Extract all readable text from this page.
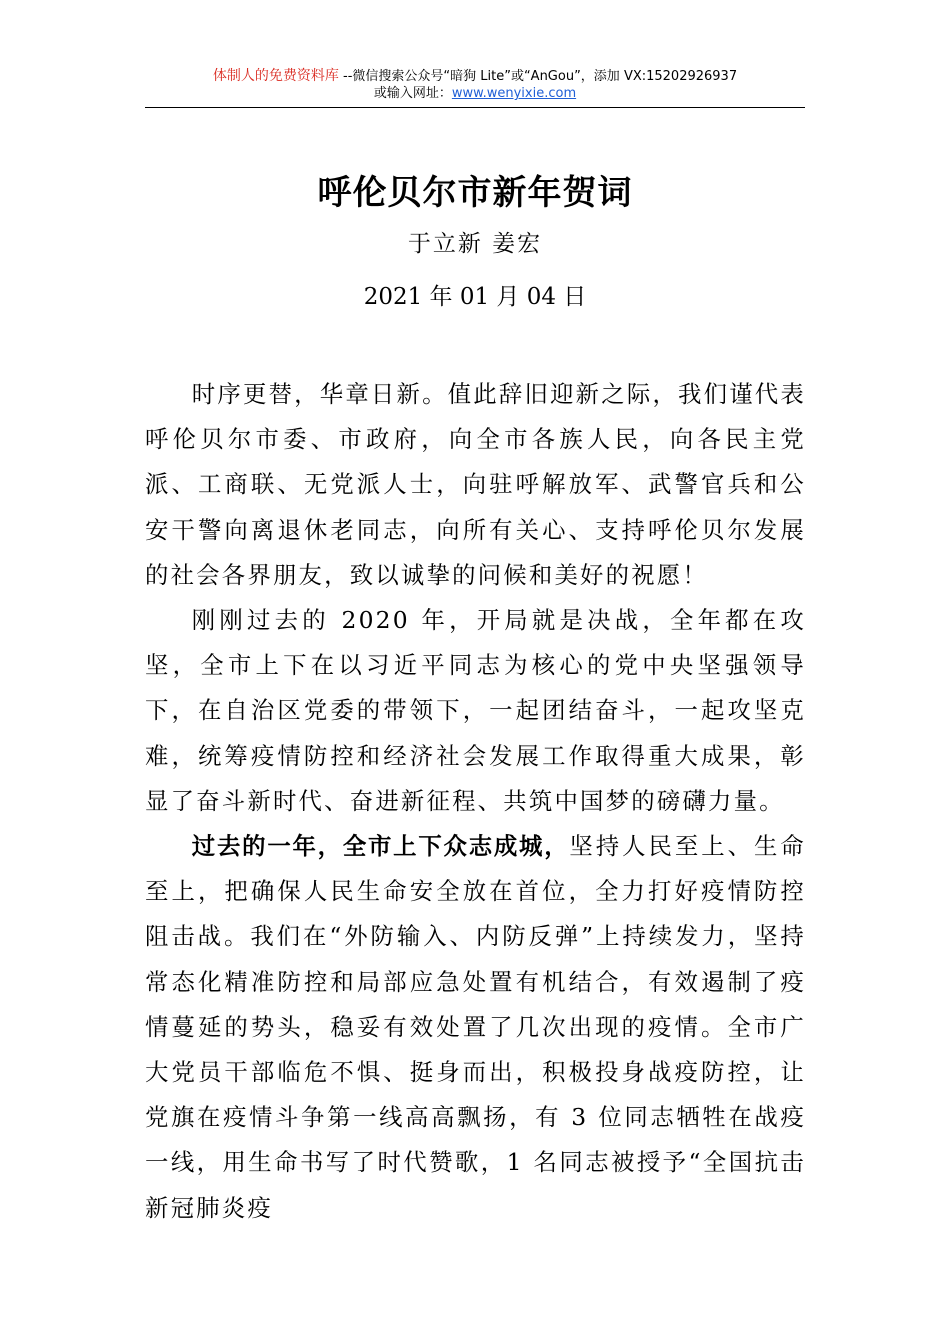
体制人的免费资料库 --微信搜索公众号“暗狗 Lite”或“AnGou”，添加 VX:15202926937
或输入网址：www.wenyixie.com
呼伦贝尔市新年贺词
于立新 姜宏
2021 年 01 月 04 日

时序更替，华章日新。值此辞旧迎新之际，我们谨代表呼伦贝尔市委、市政府，向全市各族人民，向各民主党派、工商联、无党派人士，向驻呼解放军、武警官兵和公安干警向离退休老同志，向所有关心、支持呼伦贝尔发展的社会各界朋友，致以诚挚的问候和美好的祝愿！

刚刚过去的 2020 年，开局就是决战，全年都在攻坚，全市上下在以习近平同志为核心的党中央坚强领导下，在自治区党委的带领下，一起团结奋斗，一起攻坚克难，统筹疫情防控和经济社会发展工作取得重大成果，彰显了奋斗新时代、奋进新征程、共筑中国梦的磅礴力量。

过去的一年，全市上下众志成城，坚持人民至上、生命至上，把确保人民生命安全放在首位，全力打好疫情防控阻击战。我们在“外防输入、内防反弹”上持续发力，坚持常态化精准防控和局部应急处置有机结合，有效遏制了疫情蔓延的势头，稳妥有效处置了几次出现的疫情。全市广大党员干部临危不惧、挺身而出，积极投身战疫防控，让党旗在疫情斗争第一线高高飘扬，有 3 位同志牺牲在战疫一线，用生命书写了时代赞歌，1 名同志被授予“全国抗击新冠肺炎疫
